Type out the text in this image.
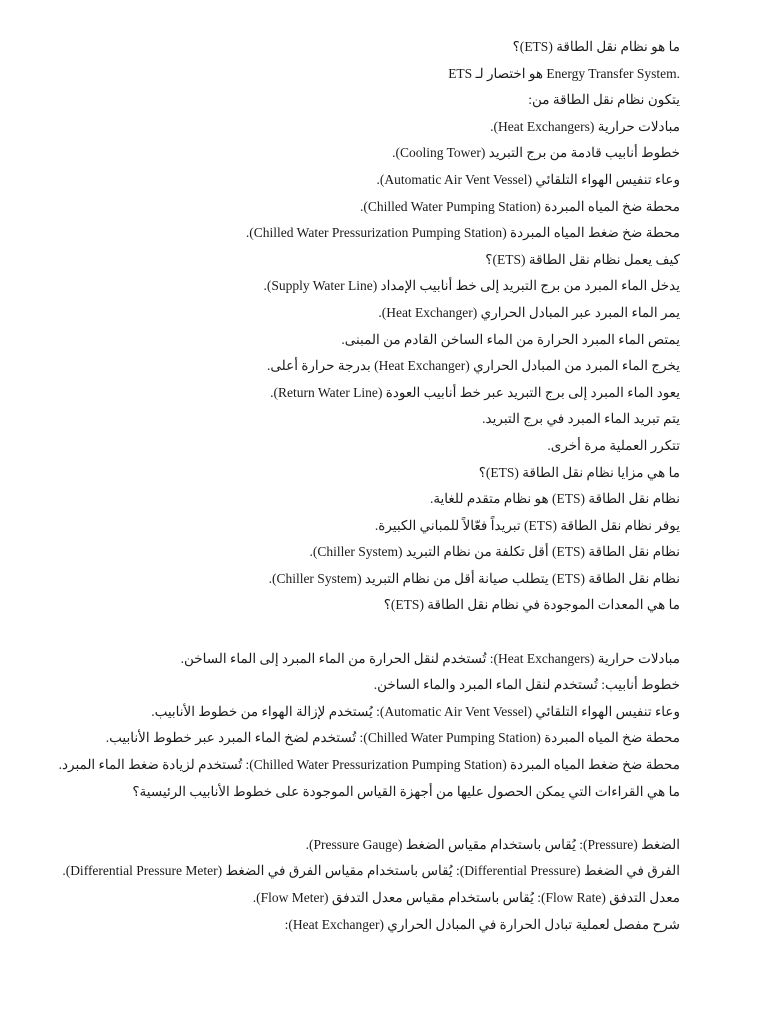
ما هو نظام نقل الطاقة (ETS)؟
ETS هو اختصار لـ Energy Transfer System.
يتكون نظام نقل الطاقة من:
مبادلات حرارية (Heat Exchangers).
خطوط أنابيب قادمة من برج التبريد (Cooling Tower).
وعاء تنفيس الهواء التلقائي (Automatic Air Vent Vessel).
محطة ضخ المياه المبردة (Chilled Water Pumping Station).
محطة ضخ ضغط المياه المبردة (Chilled Water Pressurization Pumping Station).
كيف يعمل نظام نقل الطاقة (ETS)؟
يدخل الماء المبرد من برج التبريد إلى خط أنابيب الإمداد (Supply Water Line).
يمر الماء المبرد عبر المبادل الحراري (Heat Exchanger).
يمتص الماء المبرد الحرارة من الماء الساخن القادم من المبنى.
يخرج الماء المبرد من المبادل الحراري (Heat Exchanger) بدرجة حرارة أعلى.
يعود الماء المبرد إلى برج التبريد عبر خط أنابيب العودة (Return Water Line).
يتم تبريد الماء المبرد في برج التبريد.
تتكرر العملية مرة أخرى.
ما هي مزايا نظام نقل الطاقة (ETS)؟
نظام نقل الطاقة (ETS) هو نظام متقدم للغاية.
يوفر نظام نقل الطاقة (ETS) تبريداً فعّالاً للمباني الكبيرة.
نظام نقل الطاقة (ETS) أقل تكلفة من نظام التبريد (Chiller System).
نظام نقل الطاقة (ETS) يتطلب صيانة أقل من نظام التبريد (Chiller System).
ما هي المعدات الموجودة في نظام نقل الطاقة (ETS)؟
مبادلات حرارية (Heat Exchangers): تُستخدم لنقل الحرارة من الماء المبرد إلى الماء الساخن.
خطوط أنابيب: تُستخدم لنقل الماء المبرد والماء الساخن.
وعاء تنفيس الهواء التلقائي (Automatic Air Vent Vessel): يُستخدم لإزالة الهواء من خطوط الأنابيب.
محطة ضخ المياه المبردة (Chilled Water Pumping Station): تُستخدم لضخ الماء المبرد عبر خطوط الأنابيب.
محطة ضخ ضغط المياه المبردة (Chilled Water Pressurization Pumping Station): تُستخدم لزيادة ضغط الماء المبرد.
ما هي القراءات التي يمكن الحصول عليها من أجهزة القياس الموجودة على خطوط الأنابيب الرئيسية؟
الضغط (Pressure): يُقاس باستخدام مقياس الضغط (Pressure Gauge).
الفرق في الضغط (Differential Pressure): يُقاس باستخدام مقياس الفرق في الضغط (Differential Pressure Meter).
معدل التدفق (Flow Rate): يُقاس باستخدام مقياس معدل التدفق (Flow Meter).
شرح مفصل لعملية تبادل الحرارة في المبادل الحراري (Heat Exchanger):
